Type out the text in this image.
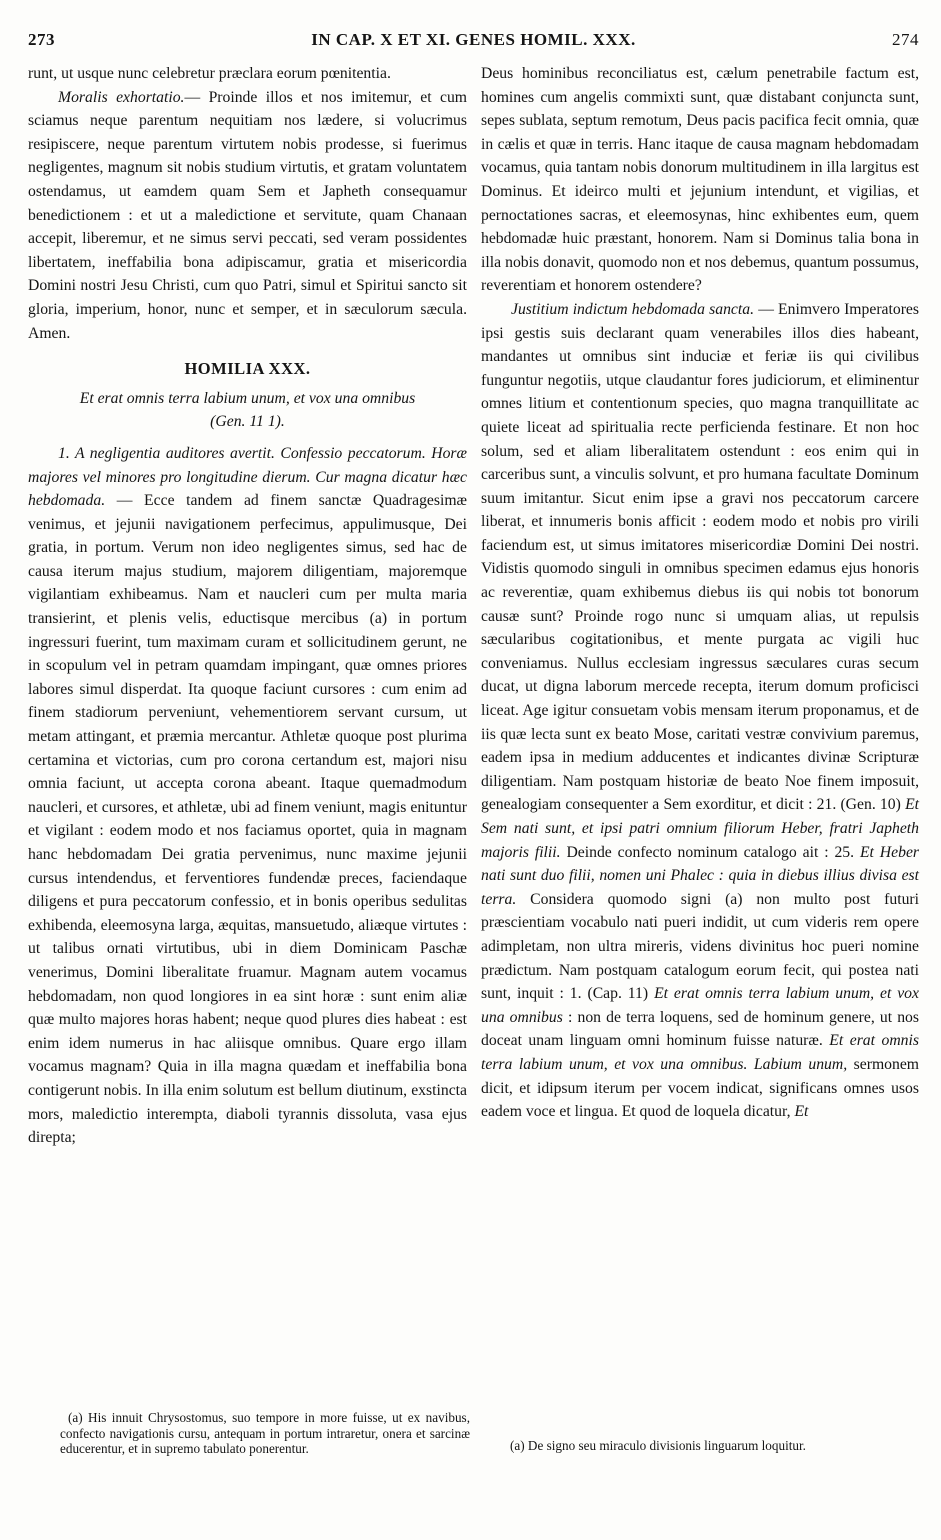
273	IN CAP. X ET XI. GENES HOMIL. XXX.	274

runt, ut usque nunc celebretur præclara eorum pœnitentia.

Moralis exhortatio.— Proinde illos et nos imitemur, et cum sciamus neque parentum nequitiam nos lædere, si volucrimus resipiscere, neque parentum virtutem nobis prodesse, si fuerimus negligentes, magnum sit nobis studium virtutis, et gratam voluntatem ostendamus, ut eamdem quam Sem et Japheth consequamur benedictionem : et ut a maledictione et servitute, quam Chanaan accepit, liberemur, et ne simus servi peccati, sed veram possidentes libertatem, ineffabilia bona adipiscamur, gratia et misericordia Domini nostri Jesu Christi, cum quo Patri, simul et Spiritui sancto sit gloria, imperium, honor, nunc et semper, et in sæculorum sæcula. Amen.

HOMILIA XXX.
Et erat omnis terra labium unum, et vox una omnibus
(Gen. 11 1).

1. A negligentia auditores avertit. Confessio peccatorum. Horæ majores vel minores pro longitudine dierum. Cur magna dicatur hæc hebdomada. — Ecce tandem ad finem sanctæ Quadragesimæ venimus, et jejunii navigationem perfecimus, appulimusque, Dei gratia, in portum. Verum non ideo negligentes simus, sed hac de causa iterum majus studium, majorem diligentiam, majoremque vigilantiam exhibeamus. Nam et naucleri cum per multa maria transierint, et plenis velis, eductisque mercibus (a) in portum ingressuri fuerint, tum maximam curam et sollicitudinem gerunt, ne in scopulum vel in petram quamdam impingant, quæ omnes priores labores simul disperdat. Ita quoque faciunt cursores : cum enim ad finem stadiorum perveniunt, vehementiorem servant cursum, ut metam attingant, et præmia mercantur. Athletæ quoque post plurima certamina et victorias, cum pro corona certandum est, majori nisu omnia faciunt, ut accepta corona abeant. Itaque quemadmodum naucleri, et cursores, et athletæ, ubi ad finem veniunt, magis enituntur et vigilant : eodem modo et nos faciamus oportet, quia in magnam hanc hebdomadam Dei gratia pervenimus, nunc maxime jejunii cursus intendendus, et ferventiores fundendæ preces, faciendaque diligens et pura peccatorum confessio, et in bonis operibus sedulitas exhibenda, eleemosyna larga, æquitas, mansuetudo, aliæque virtutes : ut talibus ornati virtutibus, ubi in diem Dominicam Paschæ venerimus, Domini liberalitate fruamur. Magnam autem vocamus hebdomadam, non quod longiores in ea sint horæ : sunt enim aliæ quæ multo majores horas habent; neque quod plures dies habeat : est enim idem numerus in hac aliisque omnibus. Quare ergo illam vocamus magnam? Quia in illa magna quædam et ineffabilia bona contigerunt nobis. In illa enim solutum est bellum diutinum, exstincta mors, maledictio interempta, diaboli tyrannis dissoluta, vasa ejus direpta;

(a) His innuit Chrysostomus, suo tempore in more fuisse, ut ex navibus, confecto navigationis cursu, antequam in portum intraretur, onera et sarcinæ educerentur, et in supremo tabulato ponerentur.

Deus hominibus reconciliatus est, cælum penetrabile factum est, homines cum angelis commixti sunt, quæ distabant conjuncta sunt, sepes sublata, septum remotum, Deus pacis pacifica fecit omnia, quæ in cælis et quæ in terris. Hanc itaque de causa magnam hebdomadam vocamus, quia tantam nobis donorum multitudinem in illa largitus est Dominus. Et ideirco multi et jejunium intendunt, et vigilias, et pernoctationes sacras, et eleemosynas, hinc exhibentes eum, quem hebdomadæ huic præstant, honorem. Nam si Dominus talia bona in illa nobis donavit, quomodo non et nos debemus, quantum possumus, reverentiam et honorem ostendere?

Justitium indictum hebdomada sancta. — Enimvero Imperatores ipsi gestis suis declarant quam venerabiles illos dies habeant, mandantes ut omnibus sint induciæ et feriæ iis qui civilibus funguntur negotiis, utque claudantur fores judiciorum, et eliminentur omnes litium et contentionum species, quo magna tranquillitate ac quiete liceat ad spiritualia recte perficienda festinare. Et non hoc solum, sed et aliam liberalitatem ostendunt : eos enim qui in carceribus sunt, a vinculis solvunt, et pro humana facultate Dominum suum imitantur. Sicut enim ipse a gravi nos peccatorum carcere liberat, et innumeris bonis afficit : eodem modo et nobis pro virili faciendum est, ut simus imitatores misericordiæ Domini Dei nostri. Vidistis quomodo singuli in omnibus specimen edamus ejus honoris ac reverentiæ, quam exhibemus diebus iis qui nobis tot bonorum causæ sunt? Proinde rogo nunc si umquam alias, ut repulsis sæcularibus cogitationibus, et mente purgata ac vigili huc conveniamus. Nullus ecclesiam ingressus sæculares curas secum ducat, ut digna laborum mercede recepta, iterum domum proficisci liceat. Age igitur consuetam vobis mensam iterum proponamus, et de iis quæ lecta sunt ex beato Mose, caritati vestræ convivium paremus, eadem ipsa in medium adducentes et indicantes divinæ Scripturæ diligentiam. Nam postquam historiæ de beato Noe finem imposuit, genealogiam consequenter a Sem exorditur, et dicit : 21. (Gen. 10) Et Sem nati sunt, et ipsi patri omnium filiorum Heber, fratri Japheth majoris filii. Deinde confecto nominum catalogo ait : 25. Et Heber nati sunt duo filii, nomen uni Phalec : quia in diebus illius divisa est terra. Considera quomodo signi (a) non multo post futuri præscientiam vocabulo nati pueri indidit, ut cum videris rem opere adimpletam, non ultra mireris, videns divinitus hoc pueri nomine prædictum. Nam postquam catalogum eorum fecit, qui postea nati sunt, inquit : 1. (Cap. 11) Et erat omnis terra labium unum, et vox una omnibus : non de terra loquens, sed de hominum genere, ut nos doceat unam linguam omni hominum fuisse naturæ. Et erat omnis terra labium unum, et vox una omnibus. Labium unum, sermonem dicit, et idipsum iterum per vocem indicat, significans omnes usos eadem voce et lingua. Et quod de loquela dicatur, Et

(a) De signo seu miraculo divisionis linguarum loquitur.
